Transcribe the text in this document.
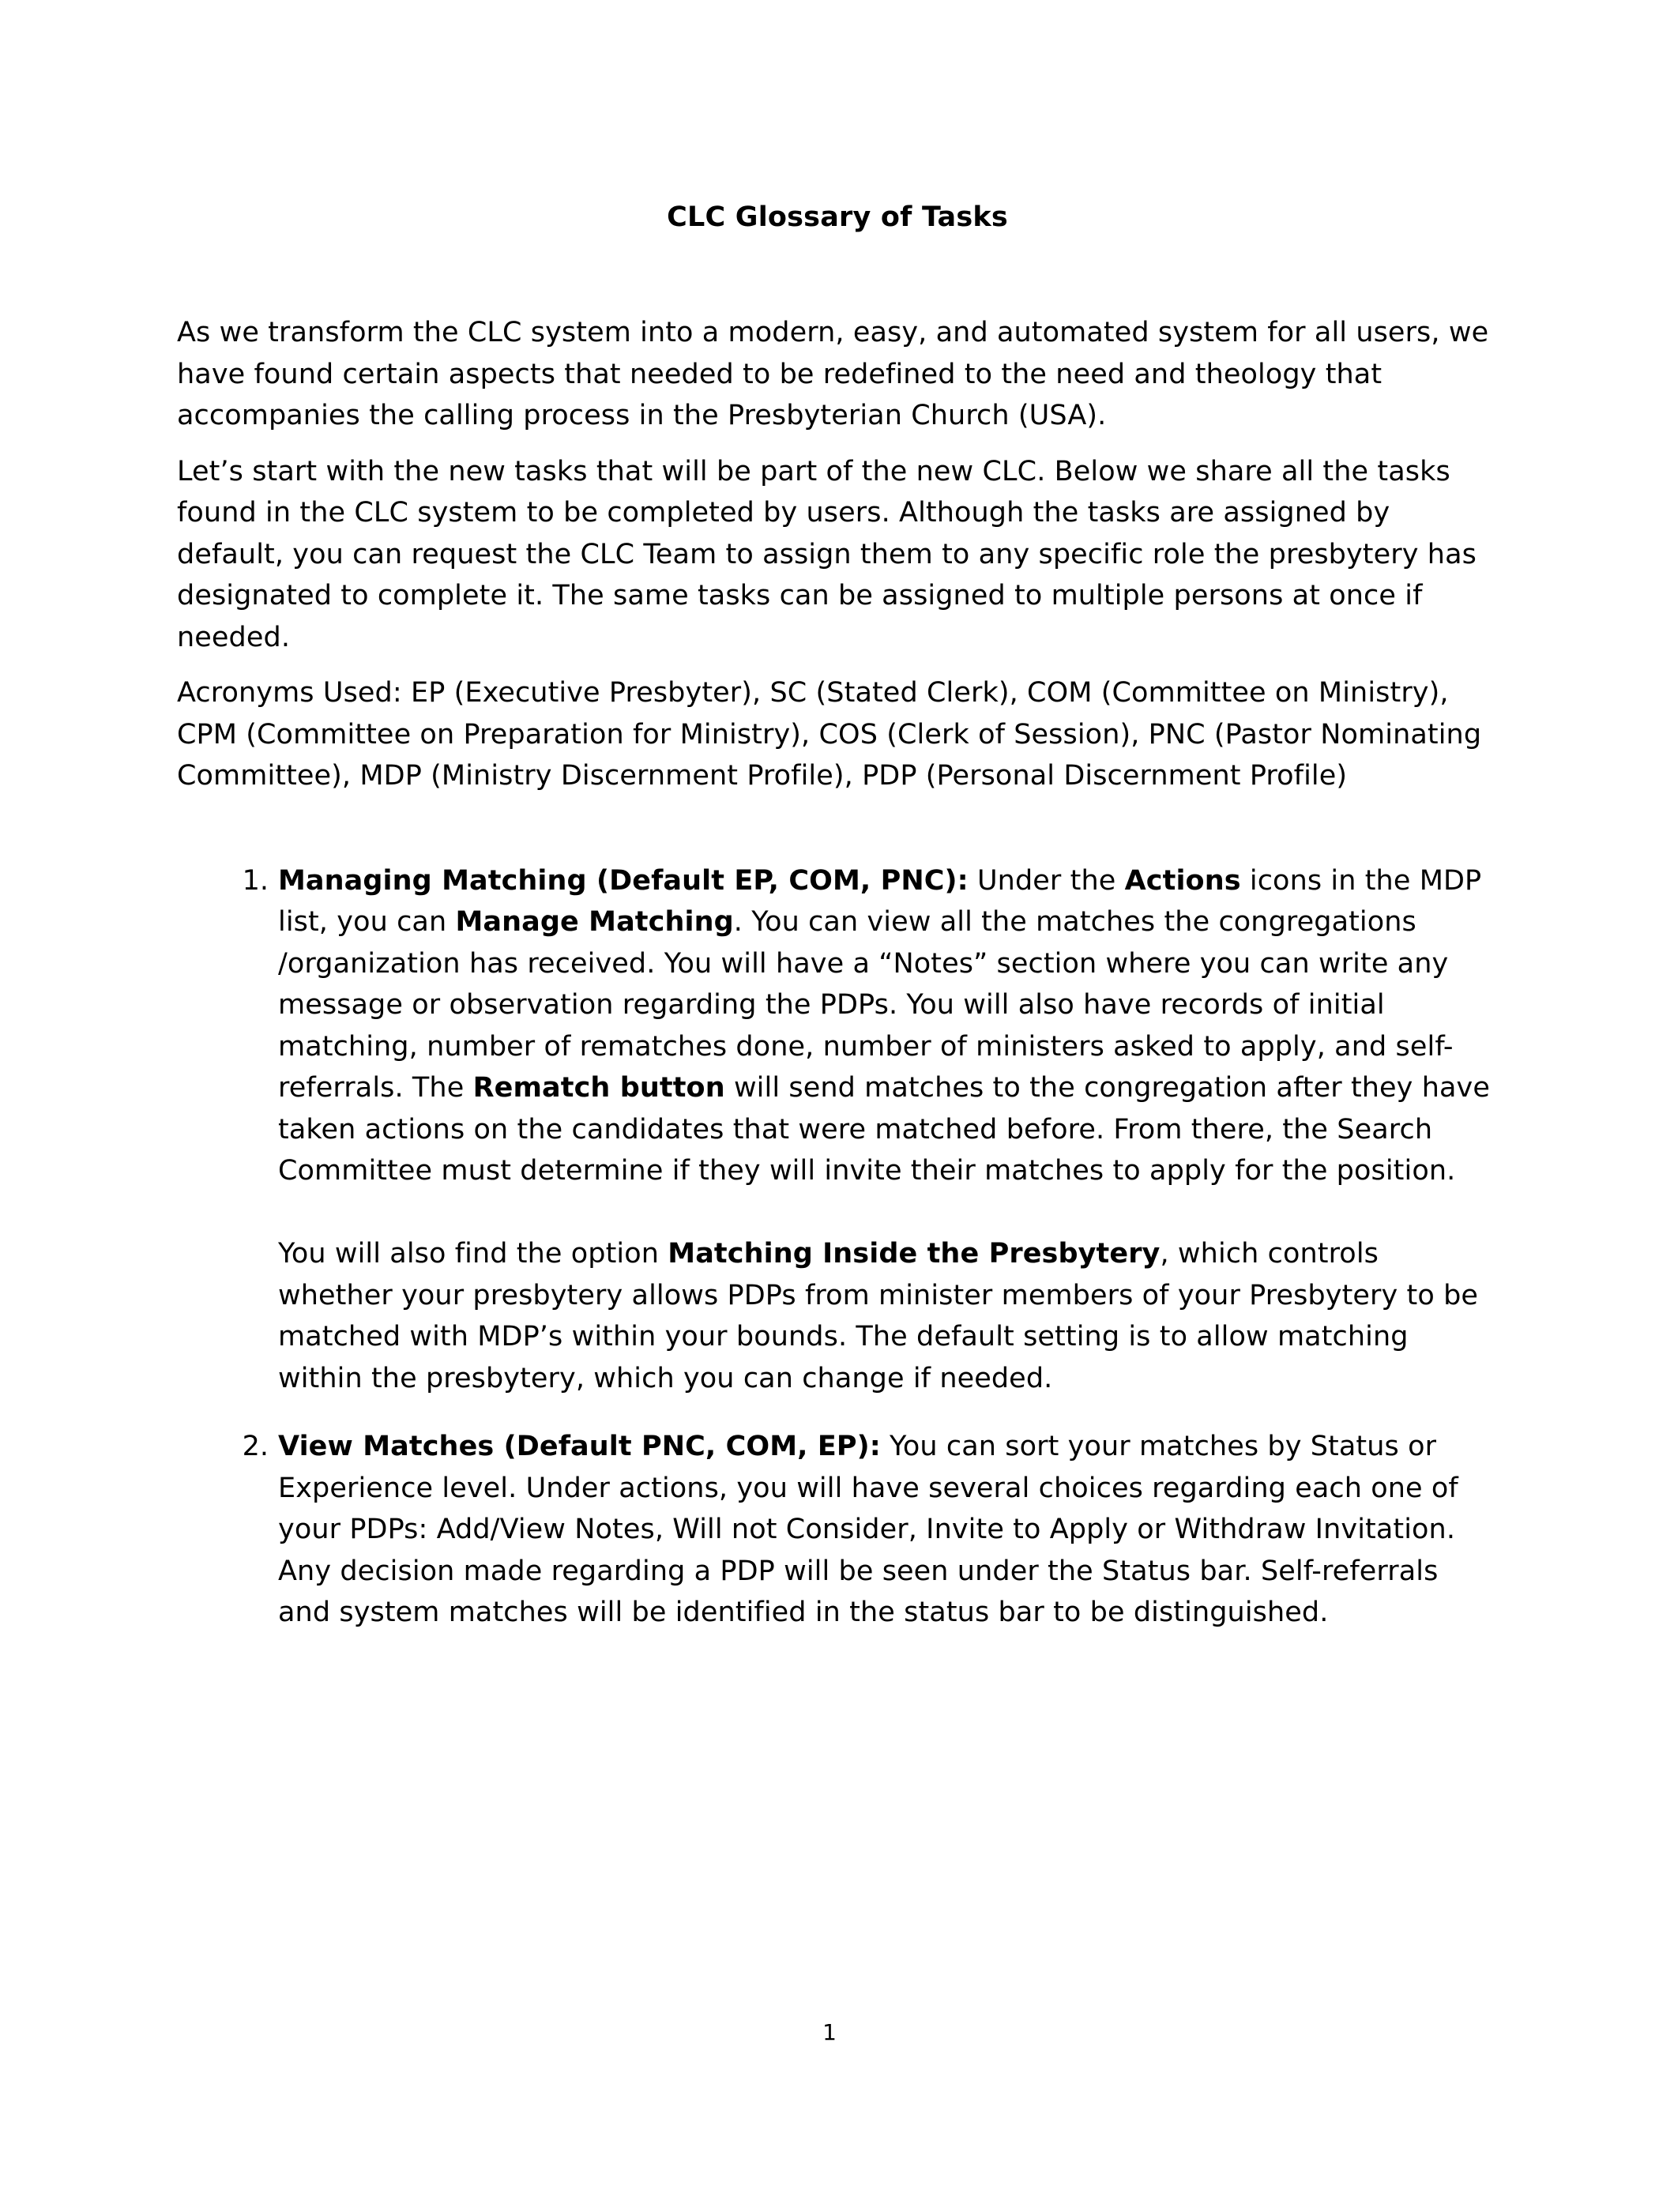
CLC Glossary of Tasks

As we transform the CLC system into a modern, easy, and automated system for all users, we have found certain aspects that needed to be redefined to the need and theology that accompanies the calling process in the Presbyterian Church (USA).

Let’s start with the new tasks that will be part of the new CLC. Below we share all the tasks found in the CLC system to be completed by users. Although the tasks are assigned by default, you can request the CLC Team to assign them to any specific role the presbytery has designated to complete it. The same tasks can be assigned to multiple persons at once if needed.

Acronyms Used: EP (Executive Presbyter), SC (Stated Clerk), COM (Committee on Ministry), CPM (Committee on Preparation for Ministry), COS (Clerk of Session), PNC (Pastor Nominating Committee), MDP (Ministry Discernment Profile), PDP (Personal Discernment Profile)

Managing Matching (Default EP, COM, PNC): Under the Actions icons in the MDP list, you can Manage Matching. You can view all the matches the congregations /organization has received. You will have a “Notes” section where you can write any message or observation regarding the PDPs. You will also have records of initial matching, number of rematches done, number of ministers asked to apply, and self-referrals. The Rematch button will send matches to the congregation after they have taken actions on the candidates that were matched before. From there, the Search Committee must determine if they will invite their matches to apply for the position.

You will also find the option Matching Inside the Presbytery, which controls whether your presbytery allows PDPs from minister members of your Presbytery to be matched with MDP’s within your bounds. The default setting is to allow matching within the presbytery, which you can change if needed.

View Matches (Default PNC, COM, EP): You can sort your matches by Status or Experience level. Under actions, you will have several choices regarding each one of your PDPs: Add/View Notes, Will not Consider, Invite to Apply or Withdraw Invitation. Any decision made regarding a PDP will be seen under the Status bar. Self-referrals and system matches will be identified in the status bar to be distinguished.

1
